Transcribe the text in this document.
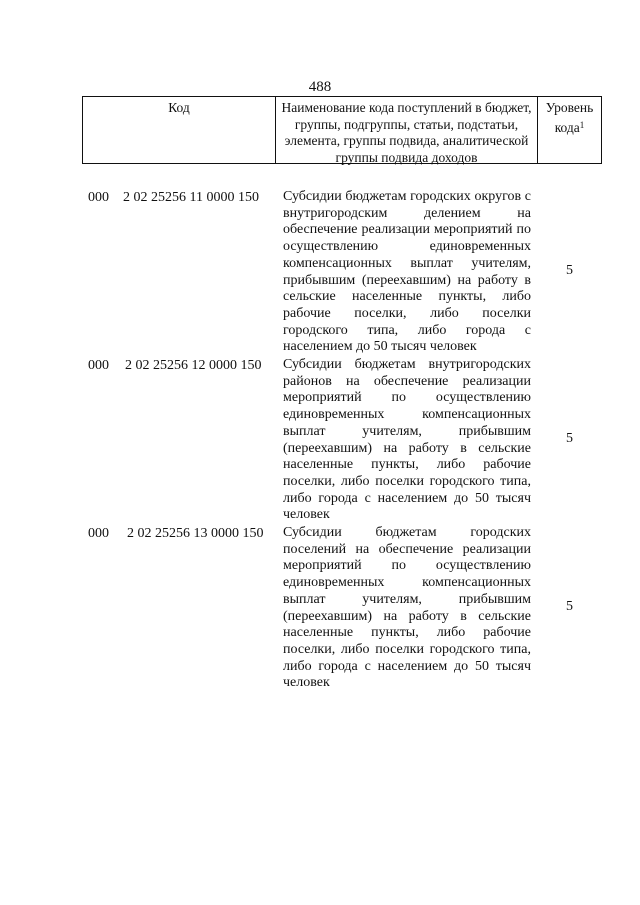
488
Код	Наименование кода поступлений в бюджет, группы, подгруппы, статьи, подстатьи, элемента, группы подвида, аналитической группы подвида доходов
Уровень кода$^1$
000 2 02 25256 11 0000 150 Субсидии бюджетам городских округов с внутригородским делением на обеспечение реализации мероприятий по осуществлению единовременных компенсационных выплат учителям, прибывшим (переехавшим) на работу в сельские населенные пункты, либо рабочие поселки, либо поселки городского типа, либо города с населением до 50 тысяч человек
5
000 2 02 25256 12 0000 150 Субсидии бюджетам внутригородских районов на обеспечение реализации мероприятий по осуществлению единовременных компенсационных выплат учителям, прибывшим (переехавшим) на работу в сельские населенные пункты, либо рабочие поселки, либо поселки городского типа, либо города с населением до 50 тысяч человек
5
000 2 02 25256 13 0000 150 Субсидии бюджетам городских поселений на обеспечение реализации мероприятий по осуществлению единовременных компенсационных выплат учителям, прибывшим (переехавшим) на работу в сельские населенные пункты, либо рабочие поселки, либо поселки городского типа, либо города с населением до 50 тысяч человек
5
